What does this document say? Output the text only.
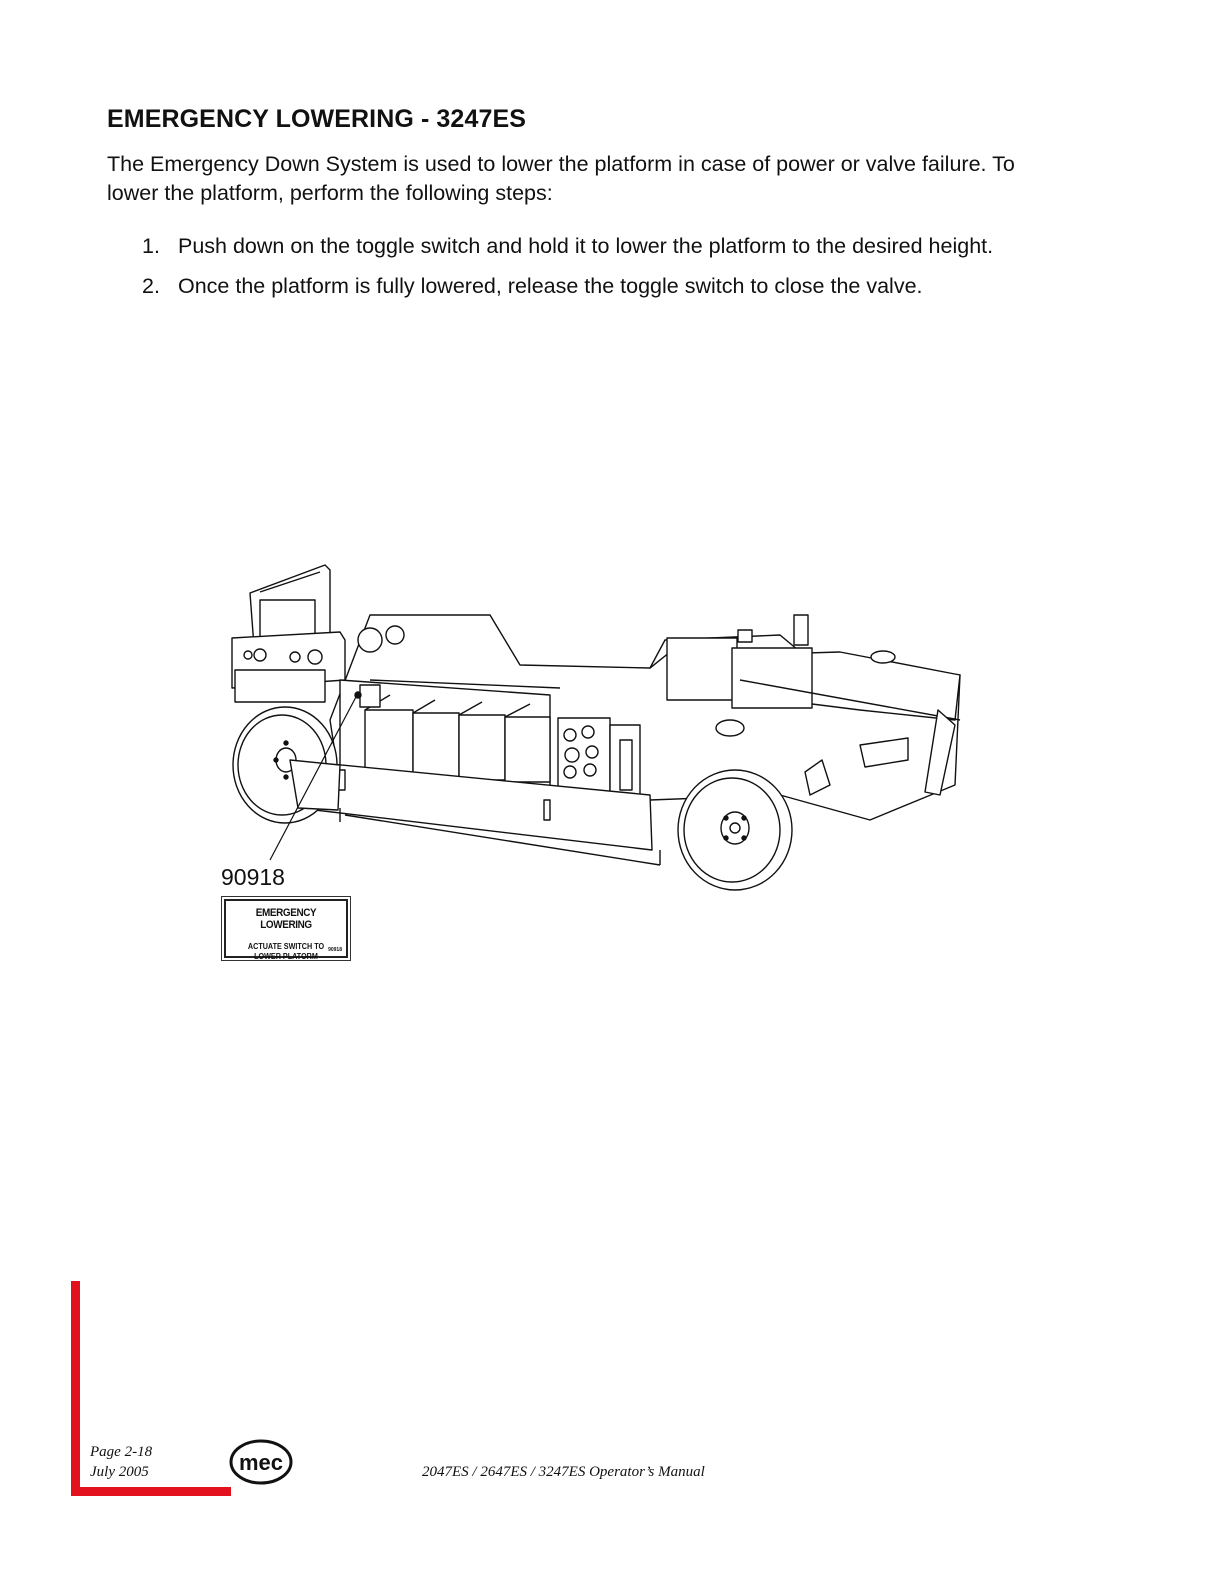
EMERGENCY LOWERING - 3247ES

The Emergency Down System is used to lower the platform in case of power or valve failure. To lower the platform, perform the following steps:

1. Push down on the toggle switch and hold it to lower the platform to the desired height.
2. Once the platform is fully lowered, release the toggle switch to close the valve.
90918
EMERGENCY LOWERING
ACTUATE SWITCH TO
LOWER PLATORM
90918
Page 2-18
July 2005	mec	2047ES / 2647ES / 3247ES Operator’s Manual
